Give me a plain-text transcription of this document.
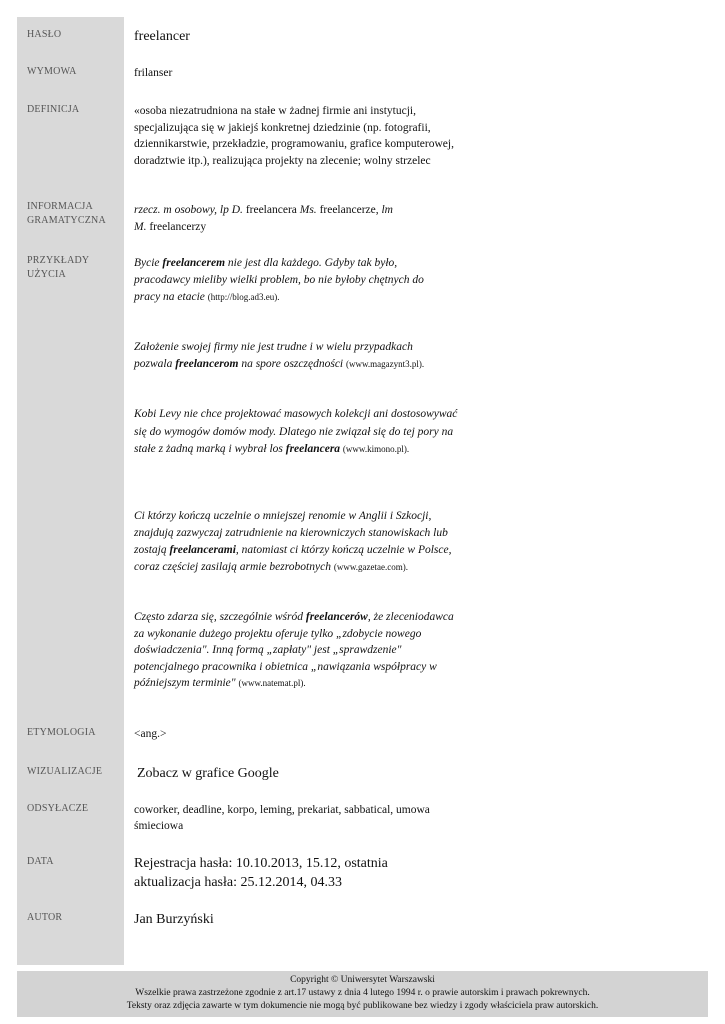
HASŁO
WYMOWA
DEFINICJA
INFORMACJA
GRAMATYCZNA
PRZYKŁADY
UŻYCIA
ETYMOLOGIA
WIZUALIZACJE
ODSYŁACZE
DATA
AUTOR
freelancer
frilanser
«osoba niezatrudniona na stałe w żadnej firmie ani instytucji, specjalizująca się w jakiejś konkretnej dziedzinie (np. fotografii, dziennikarstwie, przekładzie, programowaniu, grafice komputerowej, doradztwie itp.), realizująca projekty na zlecenie; wolny strzelec
rzecz. m osobowy, lp D. freelancera Ms. freelancerze, lm
M. freelancerzy
Bycie freelancerem nie jest dla każdego. Gdyby tak było, pracodawcy mieliby wielki problem, bo nie byłoby chętnych do pracy na etacie (http://blog.ad3.eu).
Założenie swojej firmy nie jest trudne i w wielu przypadkach pozwala freelancerom na spore oszczędności (www.magazynt3.pl).
Kobi Levy nie chce projektować masowych kolekcji ani dostosowywać się do wymogów domów mody. Dlatego nie związał się do tej pory na stałe z żadną marką i wybrał los freelancera (www.kimono.pl).
Ci którzy kończą uczelnie o mniejszej renomie w Anglii i Szkocji, znajdują zazwyczaj zatrudnienie na kierowniczych stanowiskach lub zostają freelancerami, natomiast ci którzy kończą uczelnie w Polsce, coraz częściej zasilają armie bezrobotnych (www.gazetae.com).
Często zdarza się, szczególnie wśród freelancerów, że zleceniodawca za wykonanie dużego projektu oferuje tylko „zdobycie nowego doświadczenia". Inną formą „zapłaty" jest „sprawdzenie" potencjalnego pracownika i obietnica „nawiązania współpracy w późniejszym terminie" (www.natemat.pl).
<ang.>
Zobacz w grafice Google
coworker, deadline, korpo, leming, prekariat, sabbatical, umowa śmieciowa
Rejestracja hasła: 10.10.2013, 15.12, ostatnia aktualizacja hasła: 25.12.2014, 04.33
Jan Burzyński
Copyright © Uniwersytet Warszawski
Wszelkie prawa zastrzeżone zgodnie z art.17 ustawy z dnia 4 lutego 1994 r. o prawie autorskim i prawach pokrewnych.
Teksty oraz zdjęcia zawarte w tym dokumencie nie mogą być publikowane bez wiedzy i zgody właściciela praw autorskich.
